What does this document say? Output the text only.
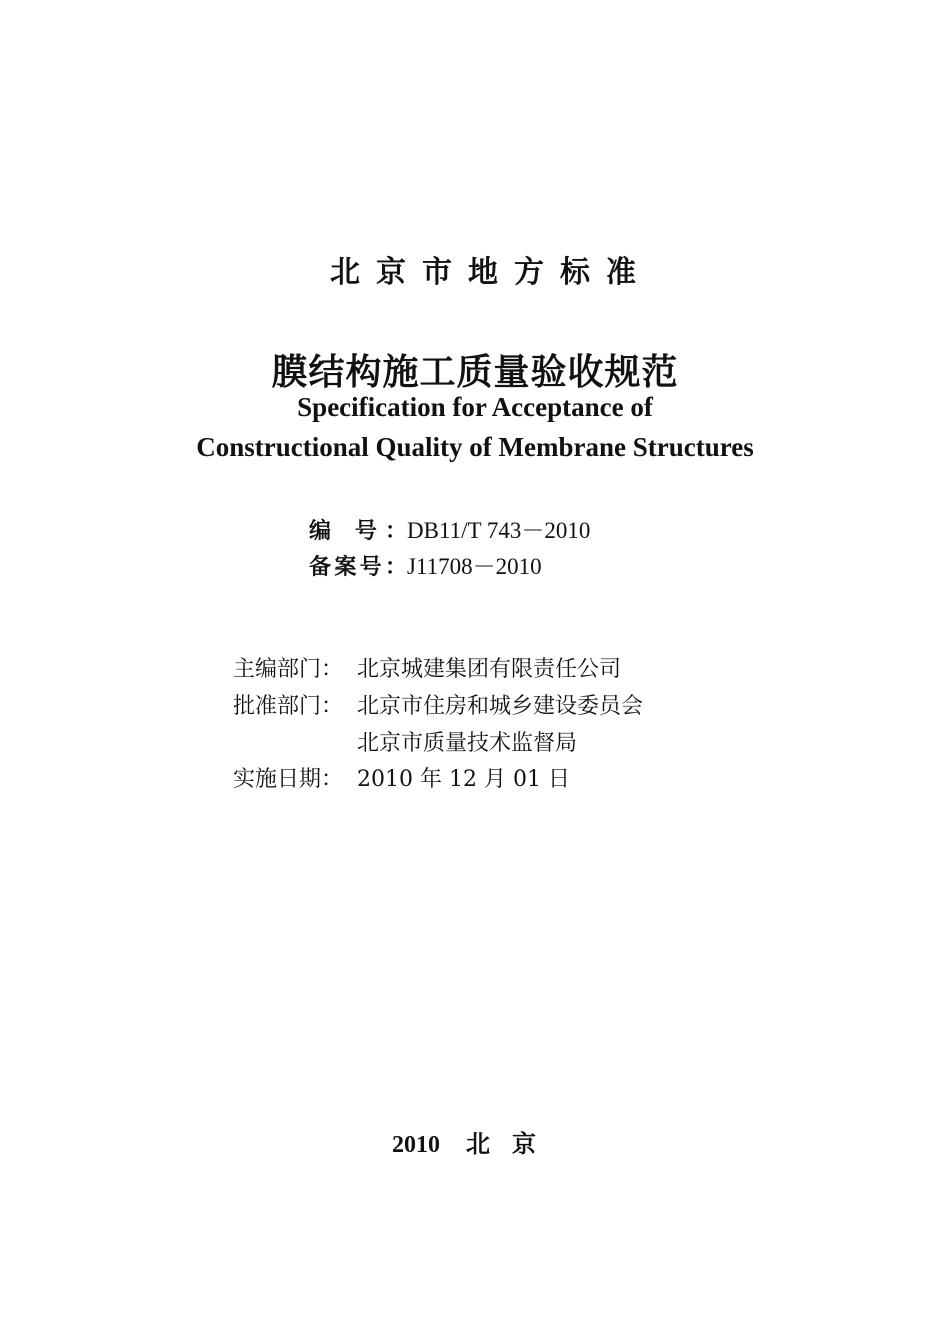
北京市地方标准
膜结构施工质量验收规范
Specification for Acceptance of
Constructional Quality of Membrane Structures
编 号：DB11/T 743－2010
备案号：J11708－2010
主编部门： 北京城建集团有限责任公司
批准部门： 北京市住房和城乡建设委员会
北京市质量技术监督局
实施日期： 2010 年 12 月 01 日
2010 北京
